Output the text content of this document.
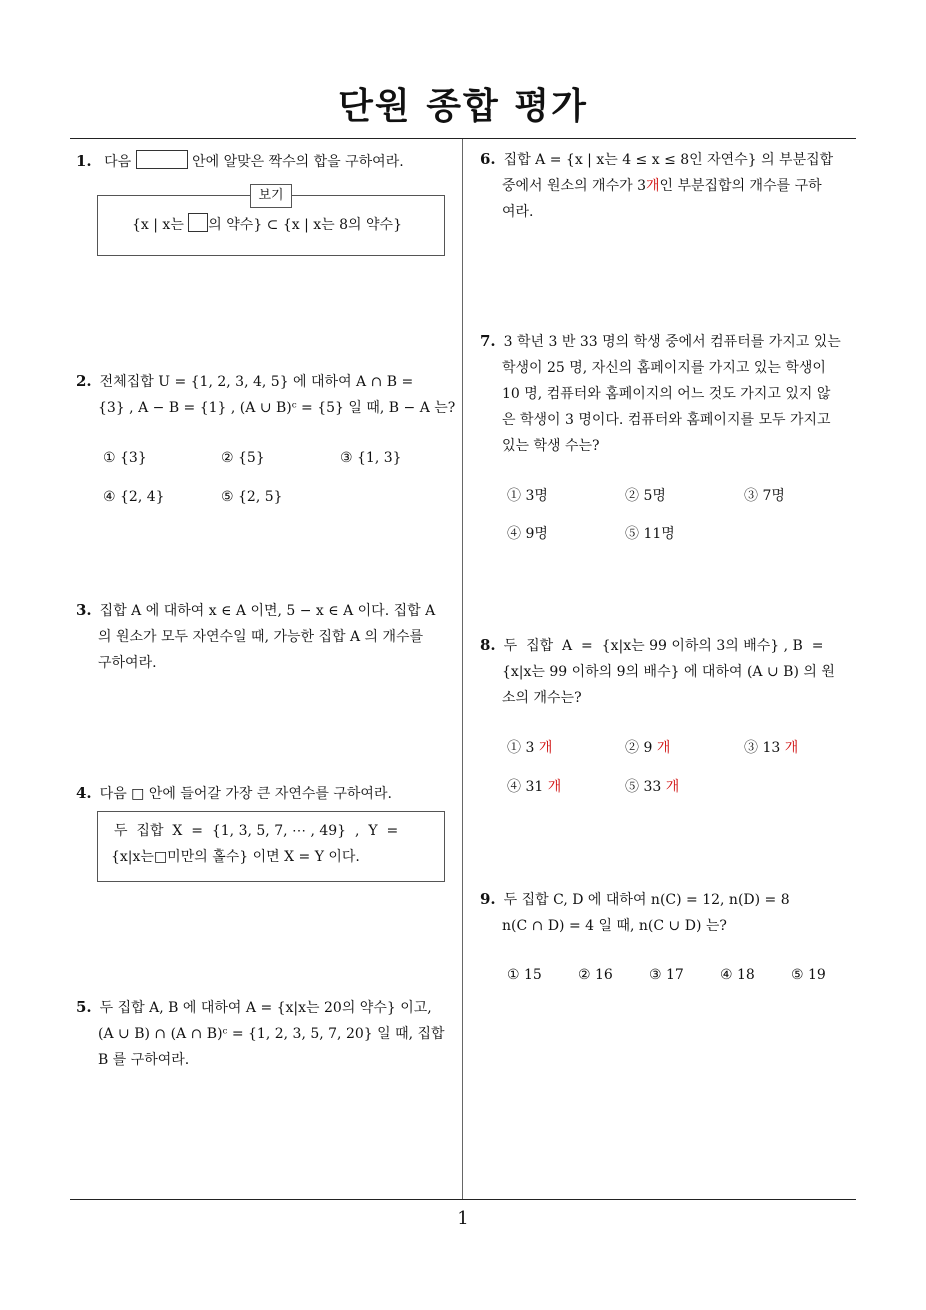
단원 종합 평가
1
1. 다음	안에 알맞은 짝수의 합을 구하여라.
보기
{x | x는 의 약수} ⊂ {x | x는 8의 약수}
2. 전체집합 U = {1, 2, 3, 4, 5} 에 대하여 A ∩ B =
{3} , A − B = {1} , (A ∪ B)ᶜ = {5} 일 때, B − A 는?
① {3}	② {5}	③ {1, 3}
④ {2, 4}	⑤ {2, 5}
3. 집합 A 에 대하여 x ∈ A 이면, 5 − x ∈ A 이다. 집합 A
의 원소가 모두 자연수일 때, 가능한 집합 A 의 개수를
구하여라.
4. 다음 □ 안에 들어갈 가장 큰 자연수를 구하여라.
두  집합  X  =  {1, 3, 5, 7, ⋯ , 49}  ,  Y  =
{x|x는□미만의 홀수} 이면 X = Y 이다.
5. 두 집합 A, B 에 대하여 A = {x|x는 20의 약수} 이고,
(A ∪ B) ∩ (A ∩ B)ᶜ = {1, 2, 3, 5, 7, 20} 일 때, 집합
B 를 구하여라.
6. 집합 A = {x | x는 4 ≤ x ≤ 8인 자연수} 의 부분집합
중에서 원소의 개수가 3개인 부분집합의 개수를 구하
여라.
7. 3 학년 3 반 33 명의 학생 중에서 컴퓨터를 가지고 있는
학생이 25 명, 자신의 홈페이지를 가지고 있는 학생이
10 명, 컴퓨터와 홈페이지의 어느 것도 가지고 있지 않
은 학생이 3 명이다. 컴퓨터와 홈페이지를 모두 가지고
있는 학생 수는?
① 3명	② 5명	③ 7명
④ 9명	⑤ 11명
8. 두  집합  A  =  {x|x는 99 이하의 3의 배수} , B  =
{x|x는 99 이하의 9의 배수} 에 대하여 (A ∪ B) 의 원
소의 개수는?
① 3 개	② 9 개	③ 13 개
④ 31 개	⑤ 33 개
9. 두 집합 C, D 에 대하여 n(C) = 12, n(D) = 8
n(C ∩ D) = 4 일 때, n(C ∪ D) 는?
① 15	② 16	③ 17	④ 18	⑤ 19
